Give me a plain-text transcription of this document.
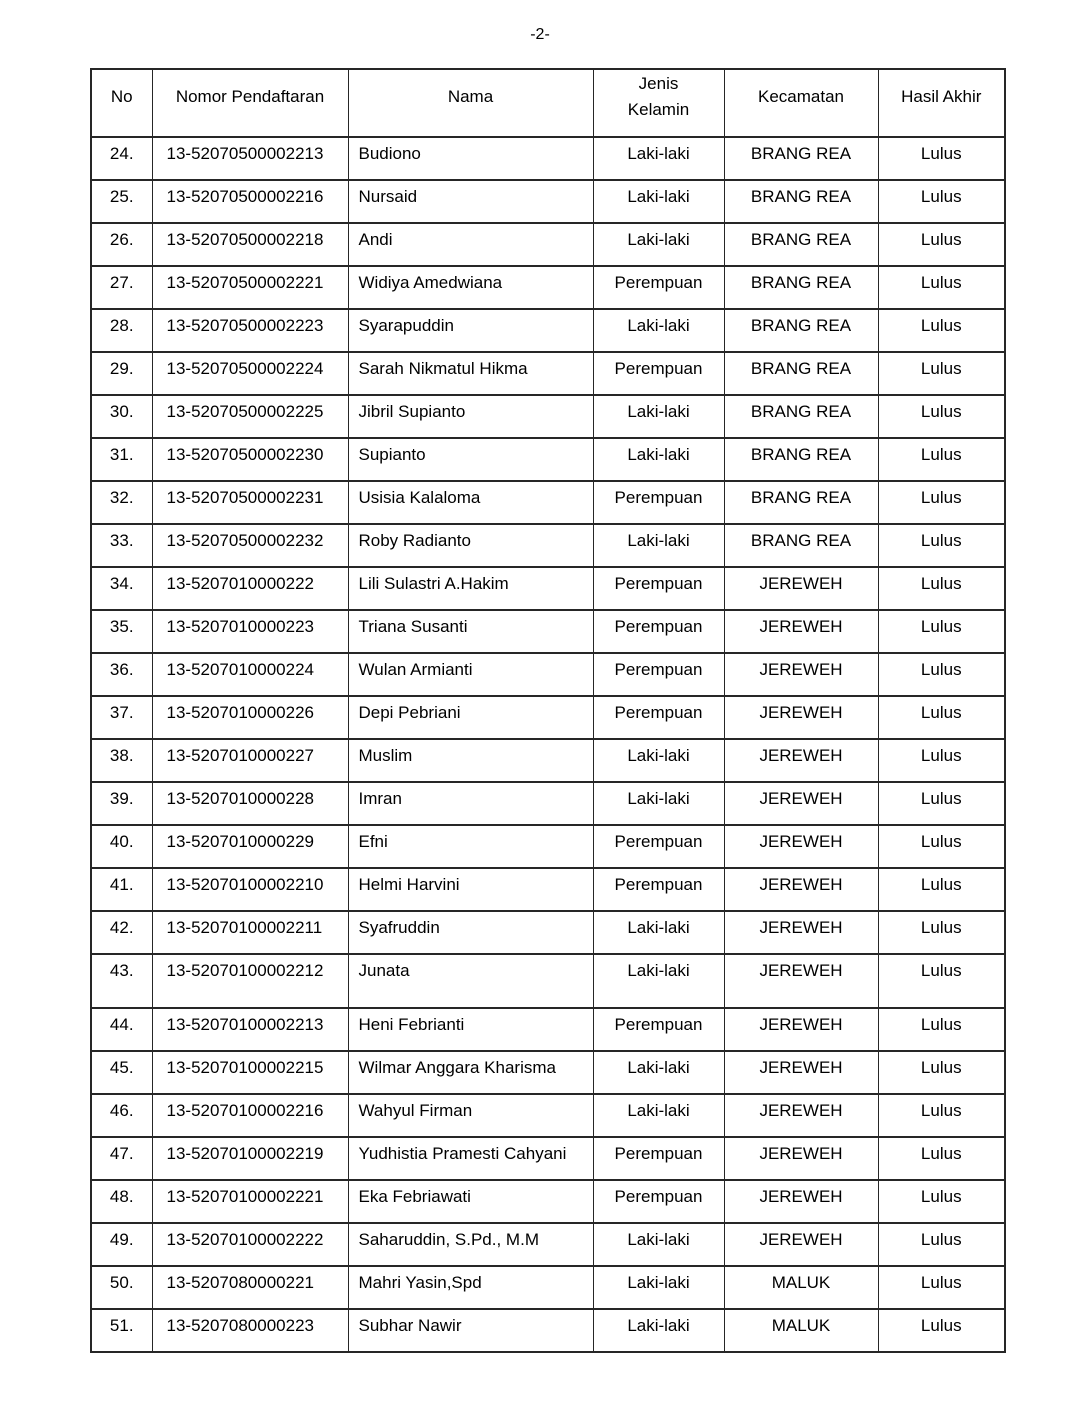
-2-
No	Nomor Pendaftaran	Nama	Jenis Kelamin	Kecamatan	Hasil Akhir
24.	13-52070500002213	Budiono	Laki-laki	BRANG REA	Lulus
25.	13-52070500002216	Nursaid	Laki-laki	BRANG REA	Lulus
26.	13-52070500002218	Andi	Laki-laki	BRANG REA	Lulus
27.	13-52070500002221	Widiya Amedwiana	Perempuan	BRANG REA	Lulus
28.	13-52070500002223	Syarapuddin	Laki-laki	BRANG REA	Lulus
29.	13-52070500002224	Sarah Nikmatul Hikma	Perempuan	BRANG REA	Lulus
30.	13-52070500002225	Jibril Supianto	Laki-laki	BRANG REA	Lulus
31.	13-52070500002230	Supianto	Laki-laki	BRANG REA	Lulus
32.	13-52070500002231	Usisia Kalaloma	Perempuan	BRANG REA	Lulus
33.	13-52070500002232	Roby Radianto	Laki-laki	BRANG REA	Lulus
34.	13-5207010000222	Lili Sulastri A.Hakim	Perempuan	JEREWEH	Lulus
35.	13-5207010000223	Triana Susanti	Perempuan	JEREWEH	Lulus
36.	13-5207010000224	Wulan Armianti	Perempuan	JEREWEH	Lulus
37.	13-5207010000226	Depi Pebriani	Perempuan	JEREWEH	Lulus
38.	13-5207010000227	Muslim	Laki-laki	JEREWEH	Lulus
39.	13-5207010000228	Imran	Laki-laki	JEREWEH	Lulus
40.	13-5207010000229	Efni	Perempuan	JEREWEH	Lulus
41.	13-52070100002210	Helmi Harvini	Perempuan	JEREWEH	Lulus
42.	13-52070100002211	Syafruddin	Laki-laki	JEREWEH	Lulus
43.	13-52070100002212	Junata	Laki-laki	JEREWEH	Lulus
44.	13-52070100002213	Heni Febrianti	Perempuan	JEREWEH	Lulus
45.	13-52070100002215	Wilmar Anggara Kharisma	Laki-laki	JEREWEH	Lulus
46.	13-52070100002216	Wahyul Firman	Laki-laki	JEREWEH	Lulus
47.	13-52070100002219	Yudhistia Pramesti Cahyani	Perempuan	JEREWEH	Lulus
48.	13-52070100002221	Eka Febriawati	Perempuan	JEREWEH	Lulus
49.	13-52070100002222	Saharuddin, S.Pd., M.M	Laki-laki	JEREWEH	Lulus
50.	13-5207080000221	Mahri Yasin,Spd	Laki-laki	MALUK	Lulus
51.	13-5207080000223	Subhar Nawir	Laki-laki	MALUK	Lulus
